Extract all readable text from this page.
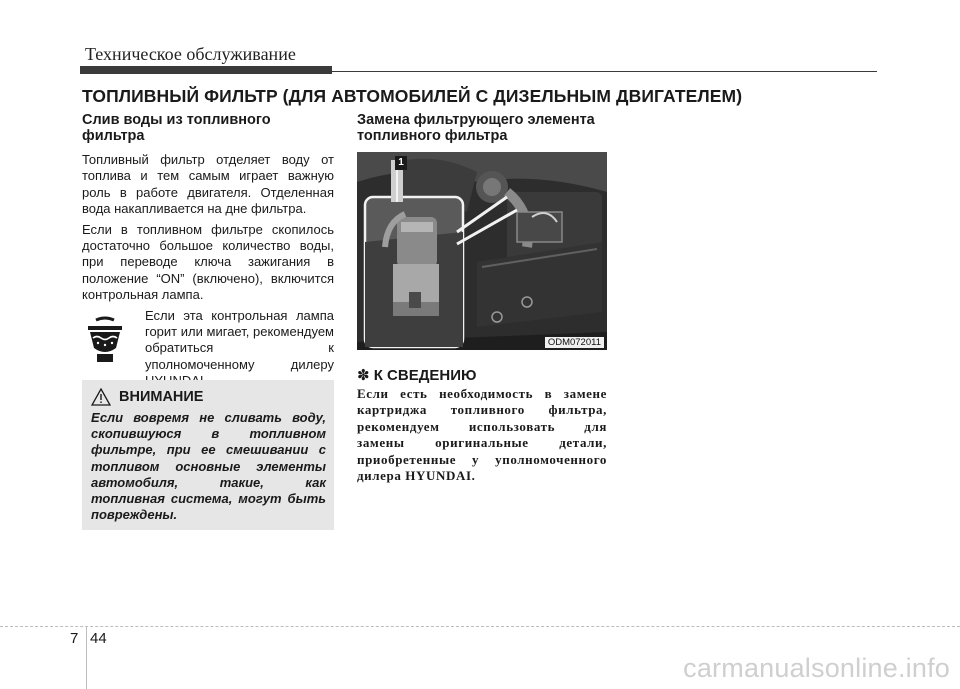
Техническое обслуживание
ТОПЛИВНЫЙ ФИЛЬТР (ДЛЯ АВТОМОБИЛЕЙ С ДИЗЕЛЬНЫМ ДВИГАТЕЛЕМ)
Слив воды из топливного фильтра

Топливный фильтр отделяет воду от топлива и тем самым играет важную роль в работе двигателя. Отделенная вода накапливается на дне фильтра.

Если в топливном фильтре скопилось достаточно большое количество воды, при переводе ключа зажигания в положение “ON” (включено), включится контрольная лампа.

Если эта контрольная лампа горит или мигает, рекомендуем обратиться к уполномоченному дилеру

ВНИМАНИЕ

Если вовремя не сливать воду, скопившуюся в топливном фильтре, при ее смешивании с топливом основные элементы автомобиля, такие, как топливная система, могут быть повреждены.

Замена фильтрующего элемента топливного фильтра
1
ODM072011
✽ К СВЕДЕНИЮ

Если есть необходимость в замене картриджа топливного фильтра, рекомендуем использовать для замены оригинальные детали, приобретенные у уполномоченного дилера HYUNDAI.

7 44
carmanualsonline.info
